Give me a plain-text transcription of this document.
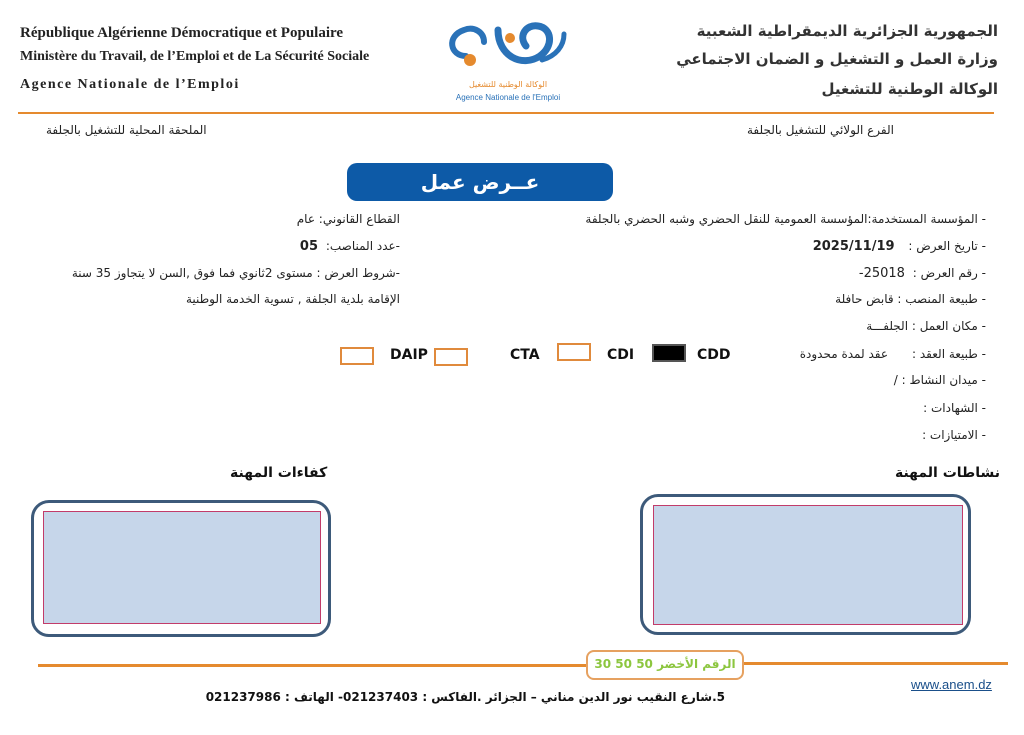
République Algérienne Démocratique et Populaire
Ministère du Travail, de l’Emploi et de La Sécurité Sociale
Agence Nationale de l’Emploi	الوكالة الوطنية للتشغيل
Agence Nationale de l'Emploi
الجمهورية الجزائرية الديمقراطية الشعبية
وزارة العمل و التشغيل و الضمان الاجتماعي
الوكالة الوطنية للتشغيل
الفرع الولائي للتشغيل بالجلفة
الملحقة المحلية للتشغيل بالجلفة
عــرض عمل
- المؤسسة المستخدمة:المؤسسة العمومية للنقل الحضري وشبه الحضري بالجلفة
- تاريخ العرض : 2025/11/19
- رقم العرض : 25018-
- طبيعة المنصب : قابض حافلة
- مكان العمل : الجلفـــة
- طبيعة العقد :
عقد لمدة محدودة
- ميدان النشاط : /
- الشهادات :
- الامتيازات :
القطاع القانوني: عام
-عدد المناصب: 05
-شروط العرض : مستوى 2ثانوي فما فوق ,السن لا يتجاوز 35 سنة
الإقامة بلدية الجلفة , تسوية الخدمة الوطنية
CDD
CDI
CTA
DAIP
نشاطات المهنة
كفاءات المهنة
الرقم الأخضر 50 50 30
www.anem.dz
5.شارع النقيب نور الدين مناني – الجزائر .الفاكس : 021237403- الهاتف : 021237986
